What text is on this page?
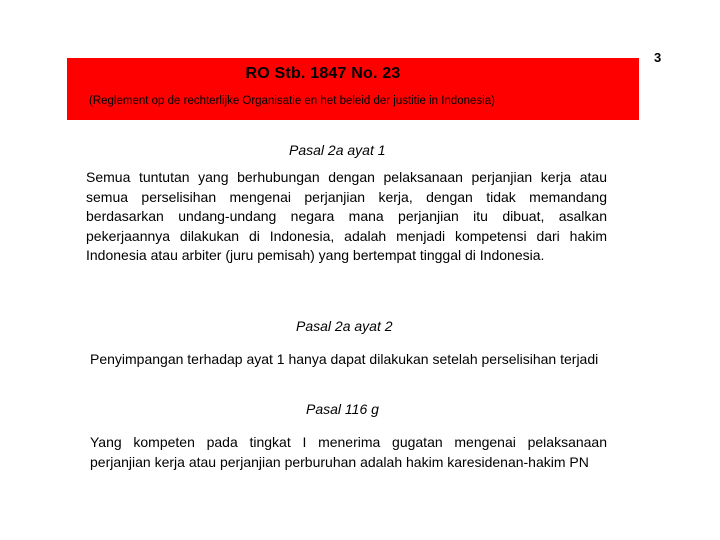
3
RO Stb. 1847 No. 23
(Reglement op de rechterlijke Organisatie en het beleid der justitie in Indonesia)
Pasal 2a ayat 1
Semua tuntutan yang berhubungan dengan pelaksanaan perjanjian kerja atau semua perselisihan mengenai perjanjian kerja, dengan tidak memandang berdasarkan undang-undang negara mana perjanjian itu dibuat, asalkan pekerjaannya dilakukan di Indonesia, adalah menjadi kompetensi dari hakim Indonesia atau arbiter (juru pemisah) yang bertempat tinggal di Indonesia.
Pasal 2a ayat 2
Penyimpangan terhadap ayat 1 hanya dapat dilakukan setelah perselisihan terjadi
Pasal 116 g
Yang kompeten pada tingkat I menerima gugatan mengenai pelaksanaan perjanjian kerja atau perjanjian perburuhan adalah hakim karesidenan-hakim PN
